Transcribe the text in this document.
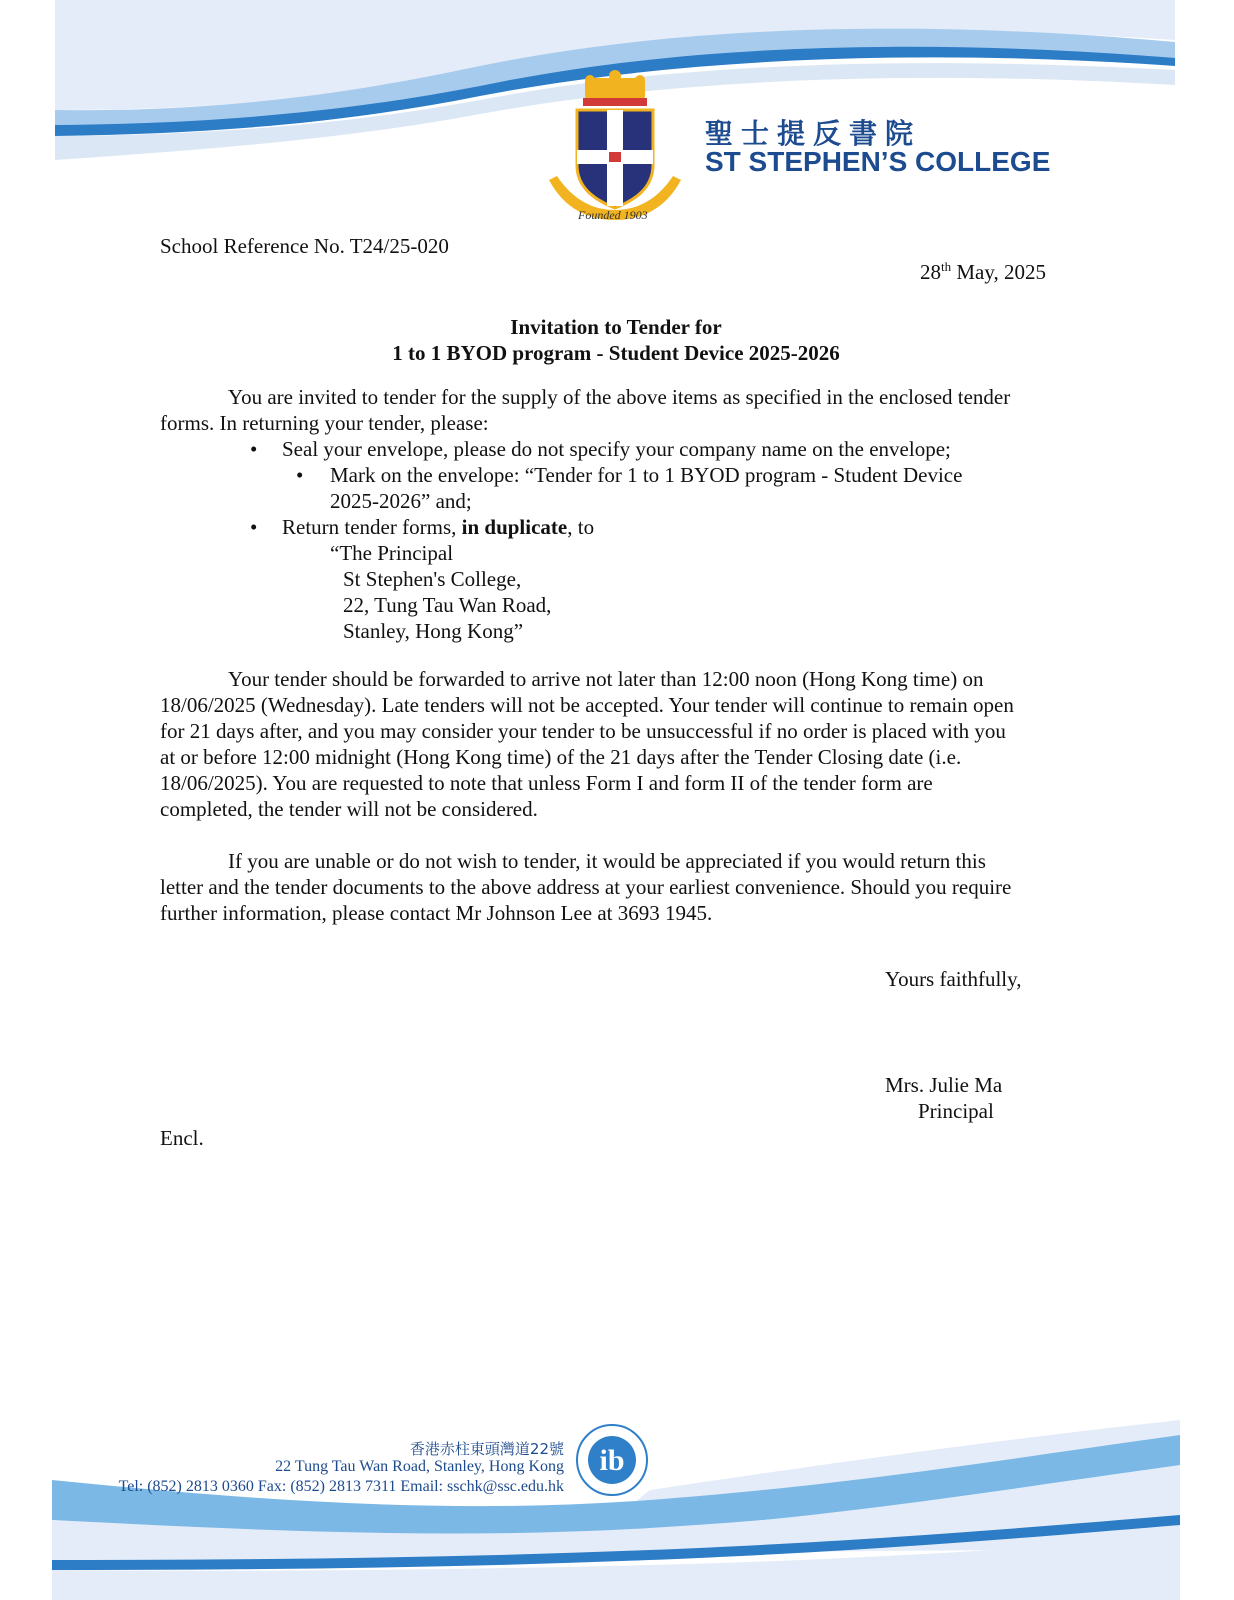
Founded 1903
聖士提反書院
ST STEPHEN’S COLLEGE
School Reference No. T24/25-020
28th May, 2025
Invitation to Tender for
1 to 1 BYOD program - Student Device 2025-2026
You are invited to tender for the supply of the above items as specified in the enclosed tender
forms. In returning your tender, please:
• Seal your envelope, please do not specify your company name on the envelope;
• Mark on the envelope: “Tender for 1 to 1 BYOD program - Student Device
2025-2026” and;
• Return tender forms, in duplicate, to
“The Principal
St Stephen's College,
22, Tung Tau Wan Road,
Stanley, Hong Kong”
Your tender should be forwarded to arrive not later than 12:00 noon (Hong Kong time) on
18/06/2025 (Wednesday). Late tenders will not be accepted. Your tender will continue to remain open
for 21 days after, and you may consider your tender to be unsuccessful if no order is placed with you
at or before 12:00 midnight (Hong Kong time) of the 21 days after the Tender Closing date (i.e.
18/06/2025). You are requested to note that unless Form I and form II of the tender form are
completed, the tender will not be considered.
If you are unable or do not wish to tender, it would be appreciated if you would return this
letter and the tender documents to the above address at your earliest convenience. Should you require
further information, please contact Mr Johnson Lee at 3693 1945.
Yours faithfully,
Mrs. Julie Ma
Principal
Encl.
香港赤柱東頭灣道22號
22 Tung Tau Wan Road, Stanley, Hong Kong
Tel: (852) 2813 0360 Fax: (852) 2813 7311 Email: sschk@ssc.edu.hk
ib
